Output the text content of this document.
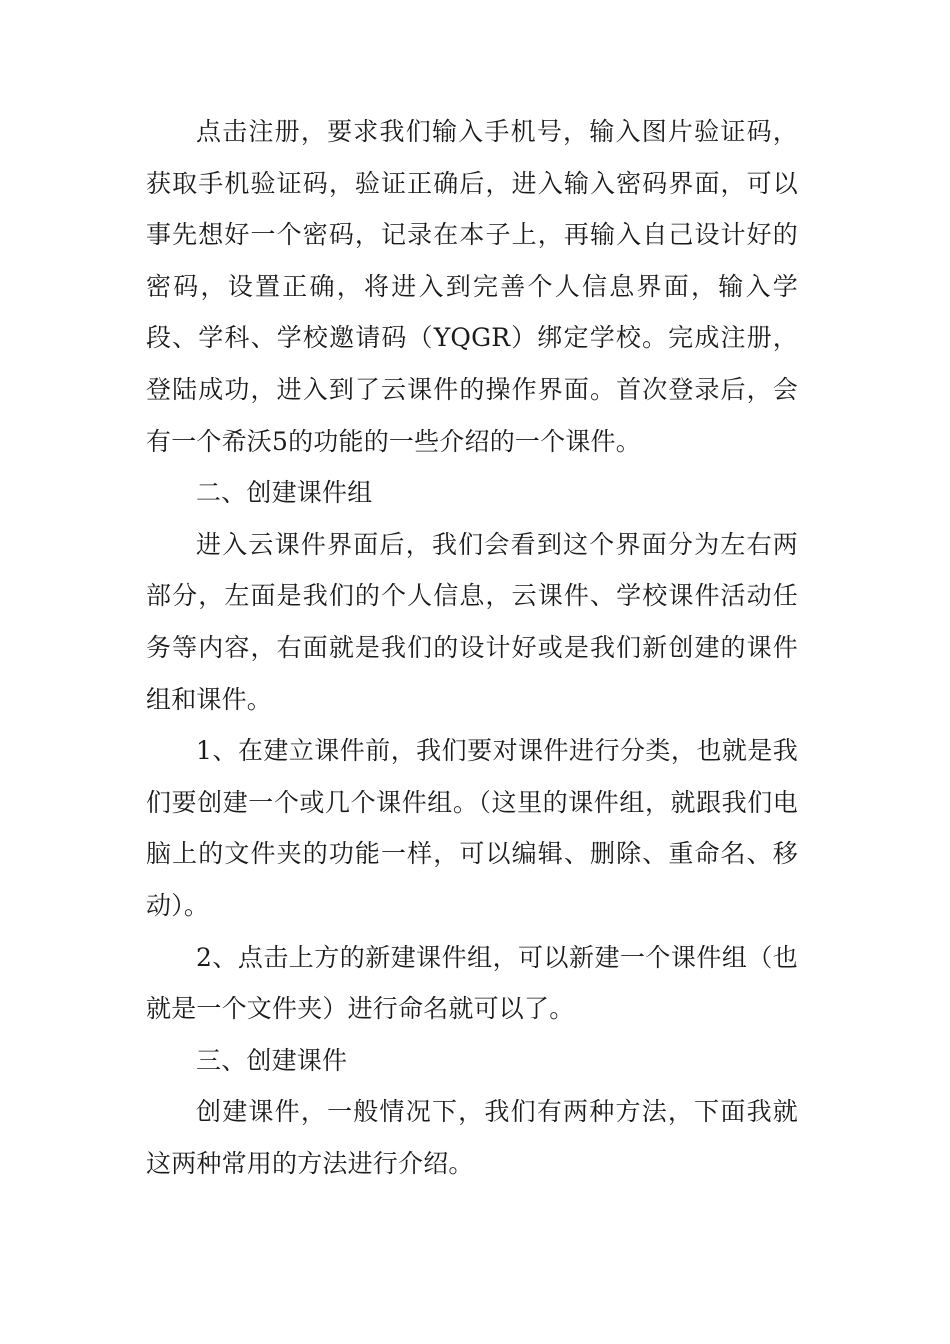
点击注册，要求我们输入手机号，输入图片验证码，获取手机验证码，验证正确后，进入输入密码界面，可以事先想好一个密码，记录在本子上，再输入自己设计好的密码，设置正确，将进入到完善个人信息界面，输入学段、学科、学校邀请码（YQGR）绑定学校。完成注册，登陆成功，进入到了云课件的操作界面。首次登录后，会有一个希沃5的功能的一些介绍的一个课件。

二、创建课件组

进入云课件界面后，我们会看到这个界面分为左右两部分，左面是我们的个人信息，云课件、学校课件活动任务等内容，右面就是我们的设计好或是我们新创建的课件组和课件。

1、在建立课件前，我们要对课件进行分类，也就是我们要创建一个或几个课件组。（这里的课件组，就跟我们电脑上的文件夹的功能一样，可以编辑、删除、重命名、移动）。

2、点击上方的新建课件组，可以新建一个课件组（也就是一个文件夹）进行命名就可以了。

三、创建课件

创建课件，一般情况下，我们有两种方法，下面我就这两种常用的方法进行介绍。
